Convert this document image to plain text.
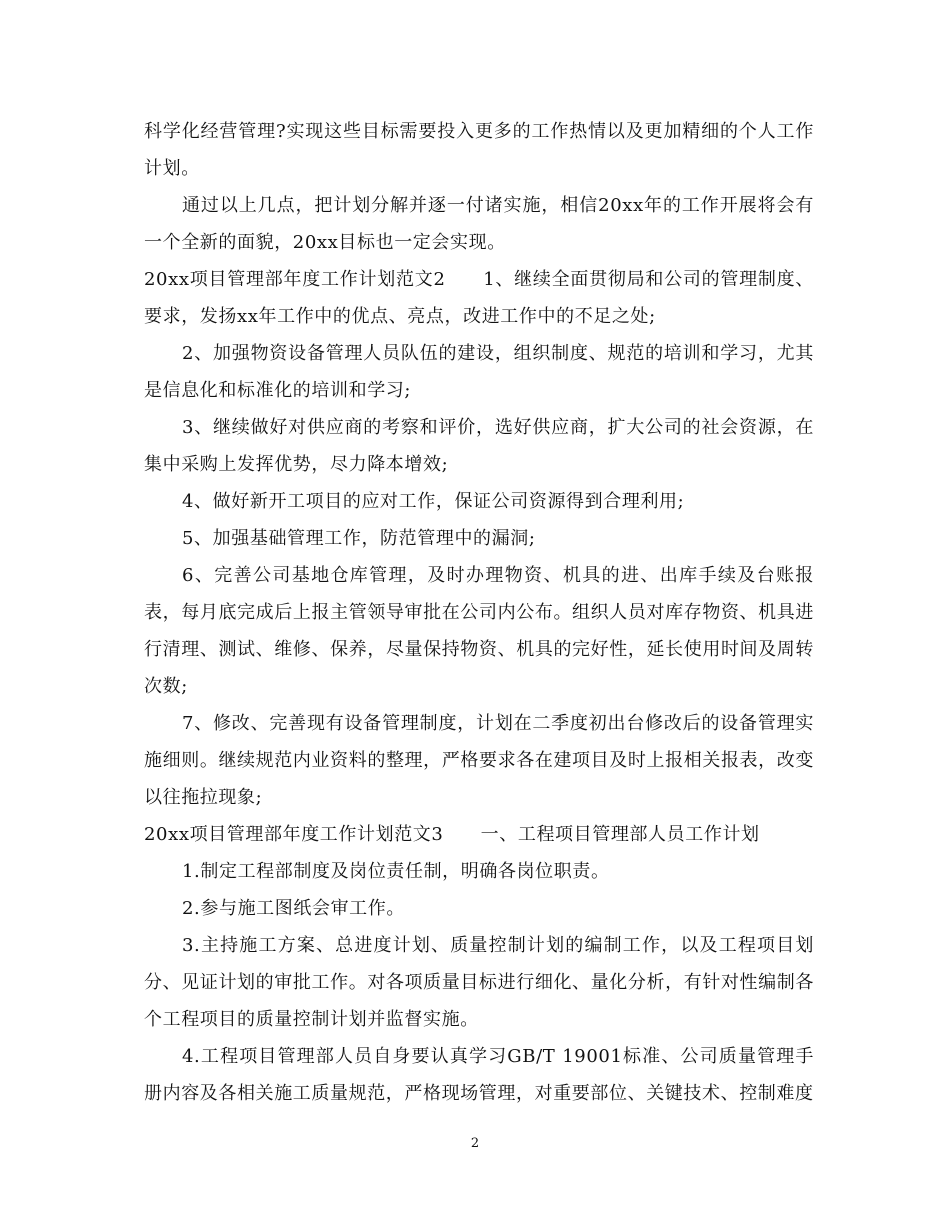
科学化经营管理?实现这些目标需要投入更多的工作热情以及更加精细的个人工作计划。

通过以上几点，把计划分解并逐一付诸实施，相信20xx年的工作开展将会有一个全新的面貌，20xx目标也一定会实现。

20xx项目管理部年度工作计划范文2　　1、继续全面贯彻局和公司的管理制度、要求，发扬xx年工作中的优点、亮点，改进工作中的不足之处;

2、加强物资设备管理人员队伍的建设，组织制度、规范的培训和学习，尤其是信息化和标准化的培训和学习;

3、继续做好对供应商的考察和评价，选好供应商，扩大公司的社会资源，在集中采购上发挥优势，尽力降本增效;

4、做好新开工项目的应对工作，保证公司资源得到合理利用;

5、加强基础管理工作，防范管理中的漏洞;

6、完善公司基地仓库管理，及时办理物资、机具的进、出库手续及台账报表，每月底完成后上报主管领导审批在公司内公布。组织人员对库存物资、机具进行清理、测试、维修、保养，尽量保持物资、机具的完好性，延长使用时间及周转次数;

7、修改、完善现有设备管理制度，计划在二季度初出台修改后的设备管理实施细则。继续规范内业资料的整理，严格要求各在建项目及时上报相关报表，改变以往拖拉现象;

20xx项目管理部年度工作计划范文3　　一、工程项目管理部人员工作计划

1.制定工程部制度及岗位责任制，明确各岗位职责。

2.参与施工图纸会审工作。

3.主持施工方案、总进度计划、质量控制计划的编制工作，以及工程项目划分、见证计划的审批工作。对各项质量目标进行细化、量化分析，有针对性编制各个工程项目的质量控制计划并监督实施。

4.工程项目管理部人员自身要认真学习GB/T 19001标准、公司质量管理手册内容及各相关施工质量规范，严格现场管理，对重要部位、关键技术、控制难度

2
